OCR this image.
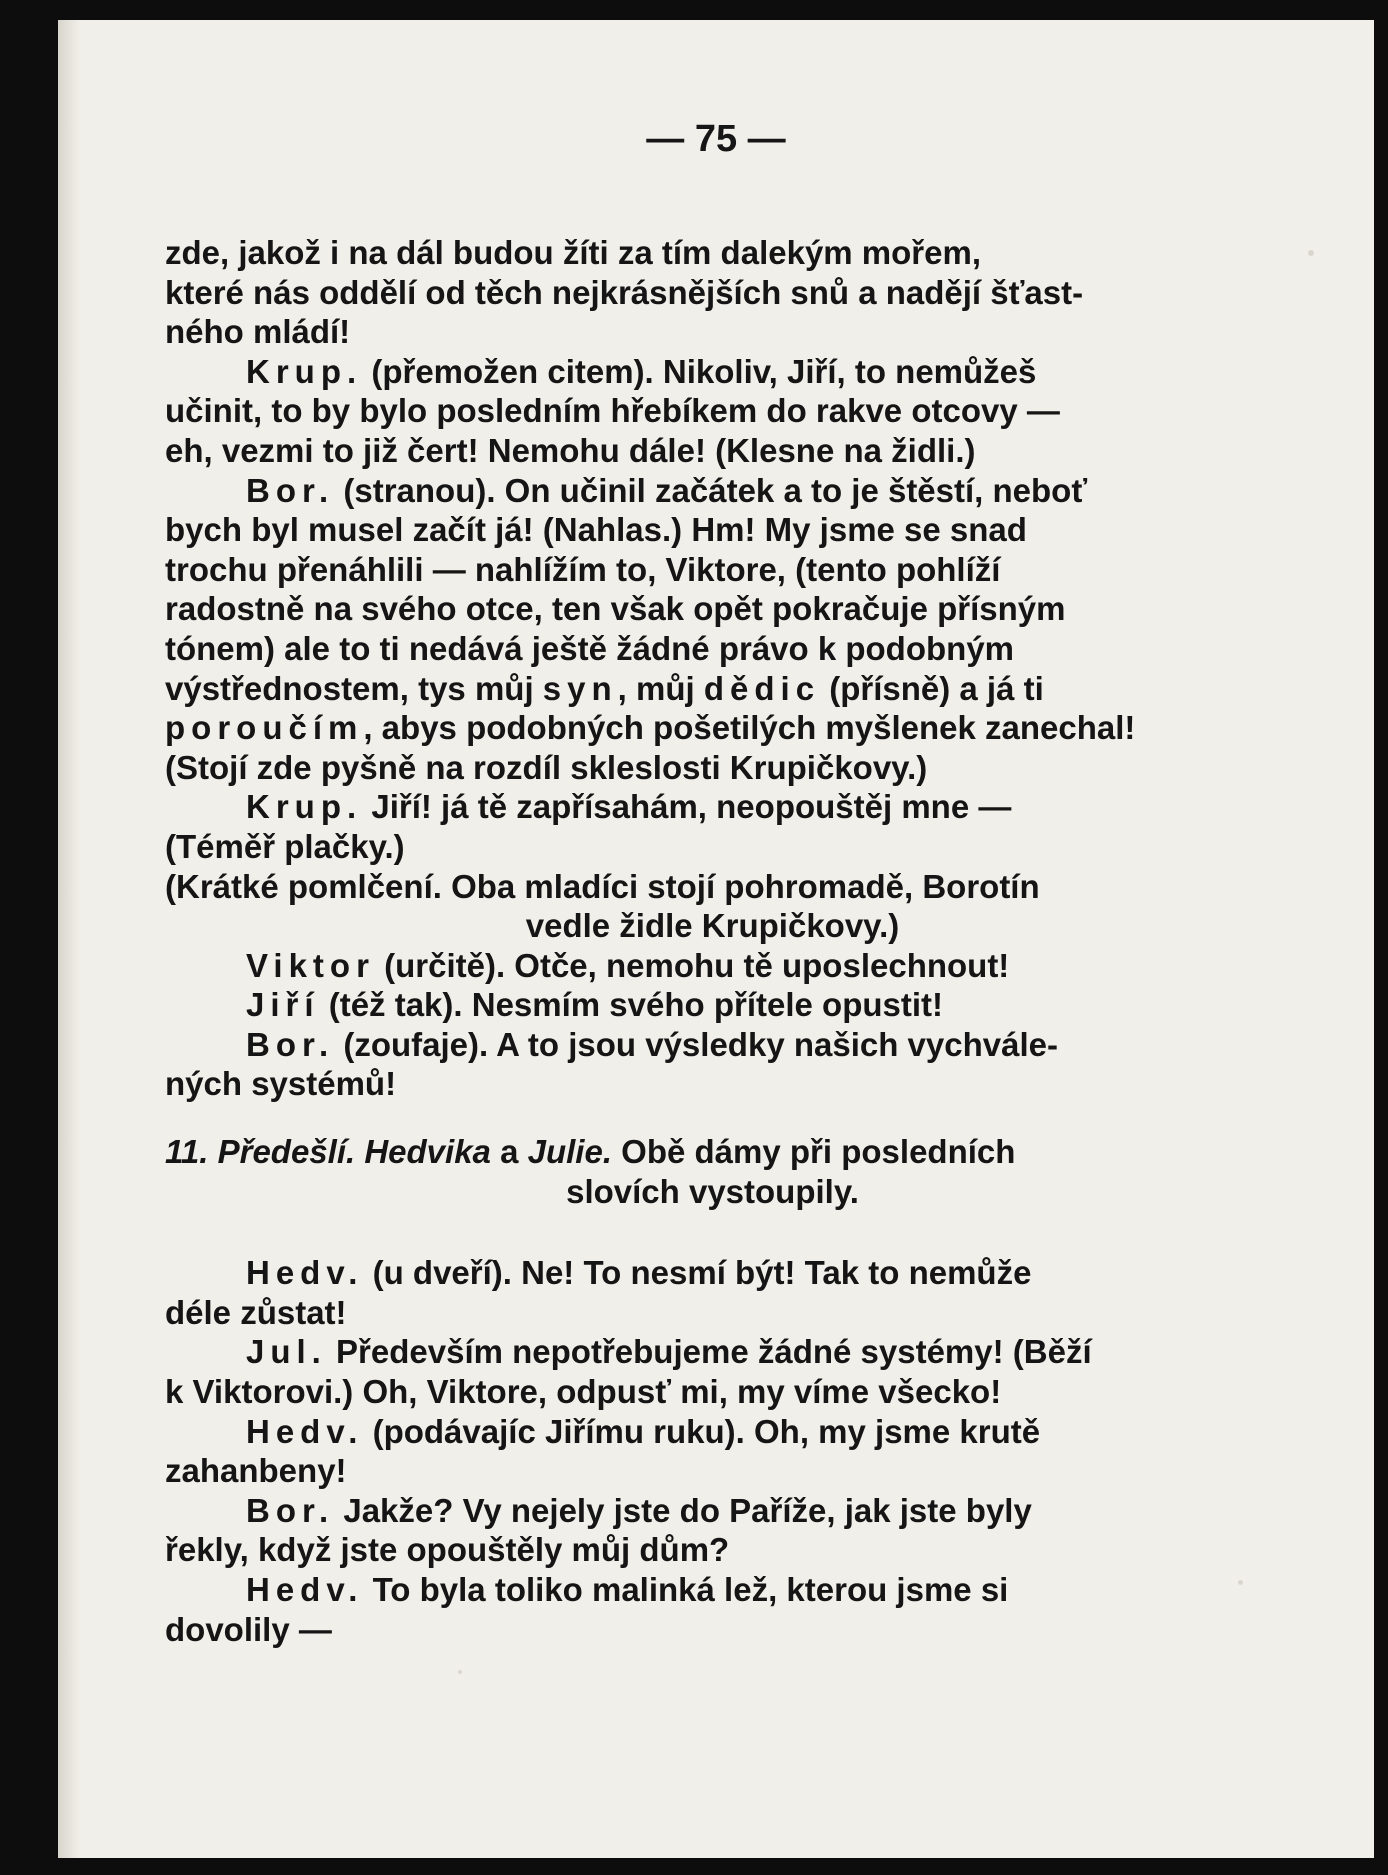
— 75 —
zde, jakož i na dál budou žíti za tím dalekým mořem,
které nás oddělí od těch nejkrásnějších snů a nadějí šťast-
ného mládí!
Krup. (přemožen citem). Nikoliv, Jiří, to nemůžeš
učinit, to by bylo posledním hřebíkem do rakve otcovy —
eh, vezmi to již čert! Nemohu dále! (Klesne na židli.)
Bor. (stranou). On učinil začátek a to je štěstí, neboť
bych byl musel začít já! (Nahlas.) Hm! My jsme se snad
trochu přenáhlili — nahlížím to, Viktore, (tento pohlíží
radostně na svého otce, ten však opět pokračuje přísným
tónem) ale to ti nedává ještě žádné právo k podobným
výstřednostem, tys můj syn, můj dědic (přísně) a já ti
poroučím, abys podobných pošetilých myšlenek zanechal!
(Stojí zde pyšně na rozdíl skleslosti Krupičkovy.)
Krup. Jiří! já tě zapřísahám, neopouštěj mne —
(Téměř plačky.)
(Krátké pomlčení. Oba mladíci stojí pohromadě, Borotín
vedle židle Krupičkovy.)
Viktor (určitě). Otče, nemohu tě uposlechnout!
Jiří (též tak). Nesmím svého přítele opustit!
Bor. (zoufaje). A to jsou výsledky našich vychvále-
ných systémů!
11. Předešlí. Hedvika a Julie. Obě dámy při posledních
slovích vystoupily.
Hedv. (u dveří). Ne! To nesmí být! Tak to nemůže
déle zůstat!
Jul. Především nepotřebujeme žádné systémy! (Běží
k Viktorovi.) Oh, Viktore, odpusť mi, my víme všecko!
Hedv. (podávajíc Jiřímu ruku). Oh, my jsme krutě
zahanbeny!
Bor. Jakže? Vy nejely jste do Paříže, jak jste byly
řekly, když jste opouštěly můj dům?
Hedv. To byla toliko malinká lež, kterou jsme si
dovolily —
